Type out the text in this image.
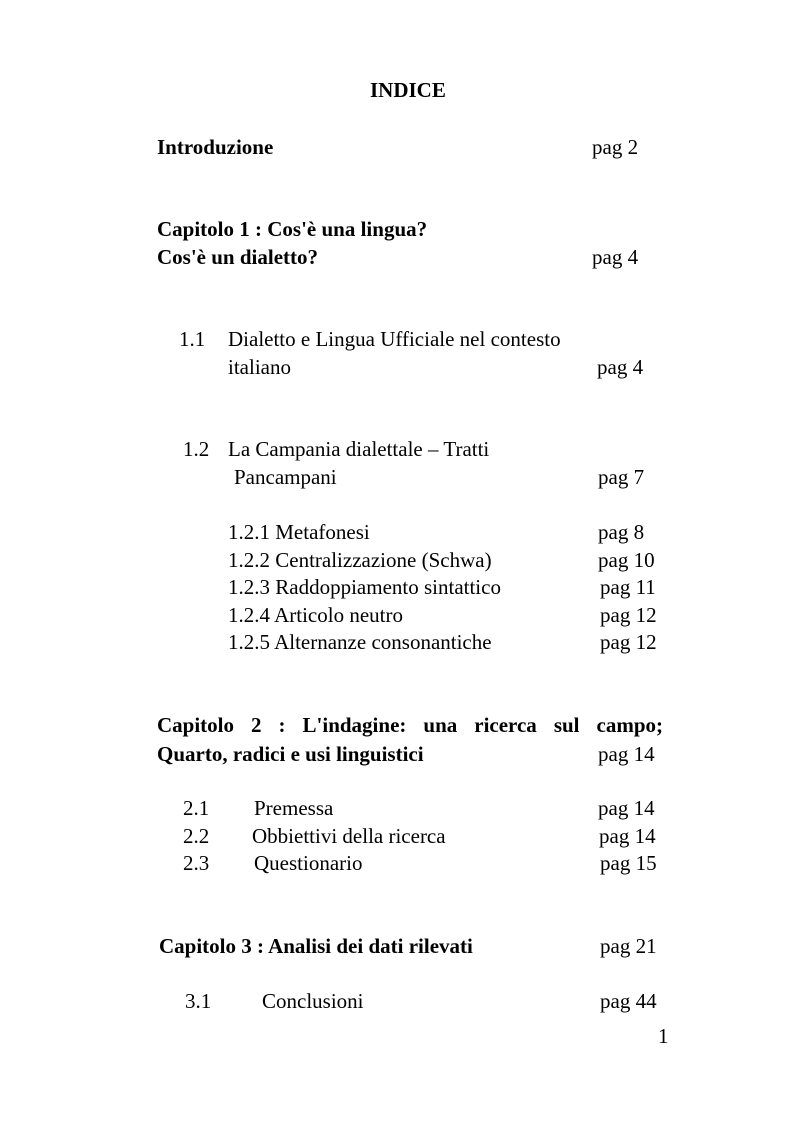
INDICE
Introduzione	pag 2
Capitolo 1 : Cos'è una lingua?
Cos'è un dialetto?	pag 4
1.1 Dialetto e Lingua Ufficiale nel contesto
italiano	pag 4
1.2 La Campania dialettale – Tratti
Pancampani	pag 7
1.2.1 Metafonesi	pag 8
1.2.2 Centralizzazione (Schwa)	pag 10
1.2.3 Raddoppiamento sintattico	pag 11
1.2.4 Articolo neutro	pag 12
1.2.5 Alternanze consonantiche	pag 12
Capitolo 2 : L'indagine: una ricerca sul campo;
Quarto, radici e usi linguistici	pag 14
2.1 Premessa	pag 14
2.2 Obbiettivi della ricerca	pag 14
2.3 Questionario	pag 15
Capitolo 3 : Analisi dei dati rilevati	pag 21
3.1 Conclusioni	pag 44
1
